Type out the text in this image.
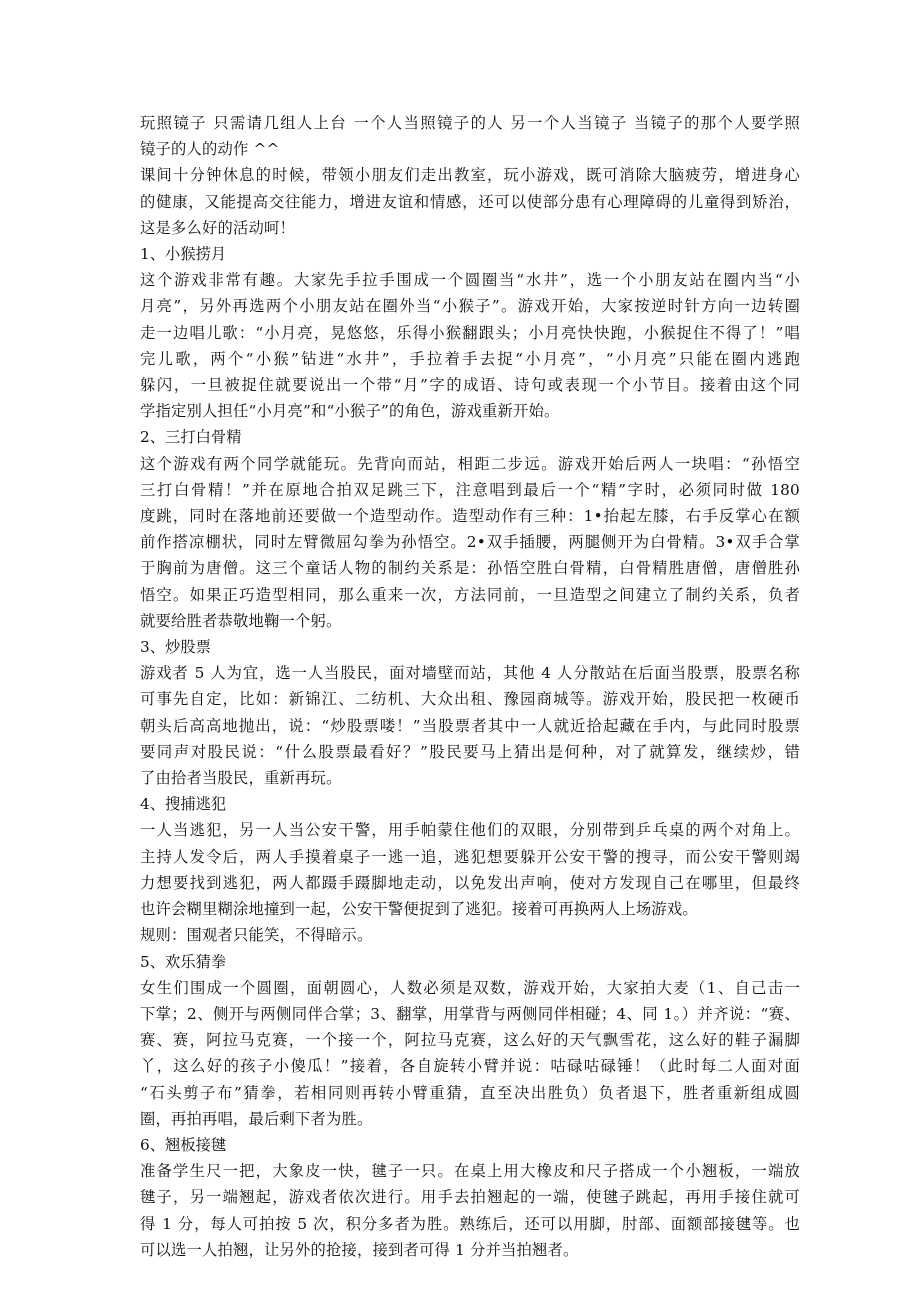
玩照镜子 只需请几组人上台 一个人当照镜子的人 另一个人当镜子 当镜子的那个人要学照

镜子的人的动作 ^^

课间十分钟休息的时候，带领小朋友们走出教室，玩小游戏，既可消除大脑疲劳，增进身心

的健康，又能提高交往能力，增进友谊和情感，还可以使部分患有心理障碍的儿童得到矫治，

这是多么好的活动呵！

1、小猴捞月

这个游戏非常有趣。大家先手拉手围成一个圆圈当“水井”，选一个小朋友站在圈内当“小

月亮”，另外再选两个小朋友站在圈外当“小猴子”。游戏开始，大家按逆时针方向一边转圈

走一边唱儿歌：“小月亮，晃悠悠，乐得小猴翻跟头；小月亮快快跑，小猴捉住不得了！”唱

完儿歌，两个“小猴”钻进“水井”，手拉着手去捉“小月亮”，“小月亮”只能在圈内逃跑

躲闪，一旦被捉住就要说出一个带“月”字的成语、诗句或表现一个小节目。接着由这个同

学指定别人担任“小月亮”和“小猴子”的角色，游戏重新开始。

2、三打白骨精

这个游戏有两个同学就能玩。先背向而站，相距二步远。游戏开始后两人一块唱：“孙悟空

三打白骨精！”并在原地合拍双足跳三下，注意唱到最后一个“精”字时，必须同时做 180

度跳，同时在落地前还要做一个造型动作。造型动作有三种：1•抬起左膝，右手反掌心在额

前作搭凉棚状，同时左臂微屈勾拳为孙悟空。2•双手插腰，两腿侧开为白骨精。3•双手合掌

于胸前为唐僧。这三个童话人物的制约关系是：孙悟空胜白骨精，白骨精胜唐僧，唐僧胜孙

悟空。如果正巧造型相同，那么重来一次，方法同前，一旦造型之间建立了制约关系，负者

就要给胜者恭敬地鞠一个躬。

3、炒股票

游戏者 5 人为宜，选一人当股民，面对墙壁而站，其他 4 人分散站在后面当股票，股票名称

可事先自定，比如：新锦江、二纺机、大众出租、豫园商城等。游戏开始，股民把一枚硬币

朝头后高高地抛出，说：“炒股票喽！”当股票者其中一人就近拾起藏在手内，与此同时股票

要同声对股民说：“什么股票最看好？”股民要马上猜出是何种，对了就算发，继续炒，错

了由拾者当股民，重新再玩。

4、搜捕逃犯

一人当逃犯，另一人当公安干警，用手帕蒙住他们的双眼，分别带到乒乓桌的两个对角上。

主持人发令后，两人手摸着桌子一逃一追，逃犯想要躲开公安干警的搜寻，而公安干警则竭

力想要找到逃犯，两人都蹑手蹑脚地走动，以免发出声响，使对方发现自己在哪里，但最终

也许会糊里糊涂地撞到一起，公安干警便捉到了逃犯。接着可再换两人上场游戏。

规则：围观者只能笑，不得暗示。

5、欢乐猜拳

女生们围成一个圆圈，面朝圆心，人数必须是双数，游戏开始，大家拍大麦（1、自己击一

下掌；2、侧开与两侧同伴合掌；3、翻掌，用掌背与两侧同伴相碰；4、同 1。）并齐说：“赛、

赛、赛，阿拉马克赛，一个接一个，阿拉马克赛，这么好的天气飘雪花，这么好的鞋子漏脚

丫，这么好的孩子小傻瓜！”接着，各自旋转小臂并说：咕碌咕碌锤！（此时每二人面对面

“石头剪子布”猜拳，若相同则再转小臂重猜，直至决出胜负）负者退下，胜者重新组成圆

圈，再拍再唱，最后剩下者为胜。

6、翘板接毽

准备学生尺一把，大象皮一快，毽子一只。在桌上用大橡皮和尺子搭成一个小翘板，一端放

毽子，另一端翘起，游戏者依次进行。用手去拍翘起的一端，使毽子跳起，再用手接住就可

得 1 分，每人可拍按 5 次，积分多者为胜。熟练后，还可以用脚，肘部、面额部接毽等。也

可以选一人拍翘，让另外的抢接，接到者可得 1 分并当拍翘者。
